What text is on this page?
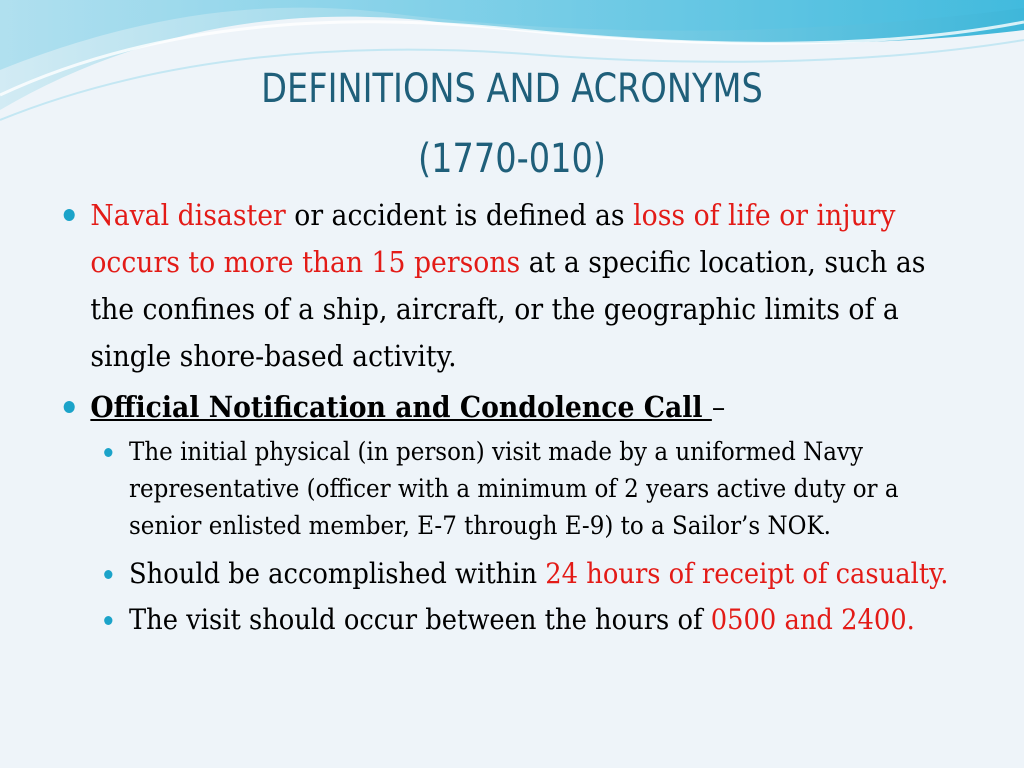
DEFINITIONS AND ACRONYMS
(1770-010)
Naval disaster or accident is defined as loss of life or injury occurs to more than 15 persons at a specific location, such as the confines of a ship, aircraft, or the geographic limits of a single shore-based activity.
Official Notification and Condolence Call –
The initial physical (in person) visit made by a uniformed Navy representative (officer with a minimum of 2 years active duty or a senior enlisted member, E-7 through E-9) to a Sailor’s NOK.
Should be accomplished within 24 hours of receipt of casualty.
The visit should occur between the hours of 0500 and 2400.
